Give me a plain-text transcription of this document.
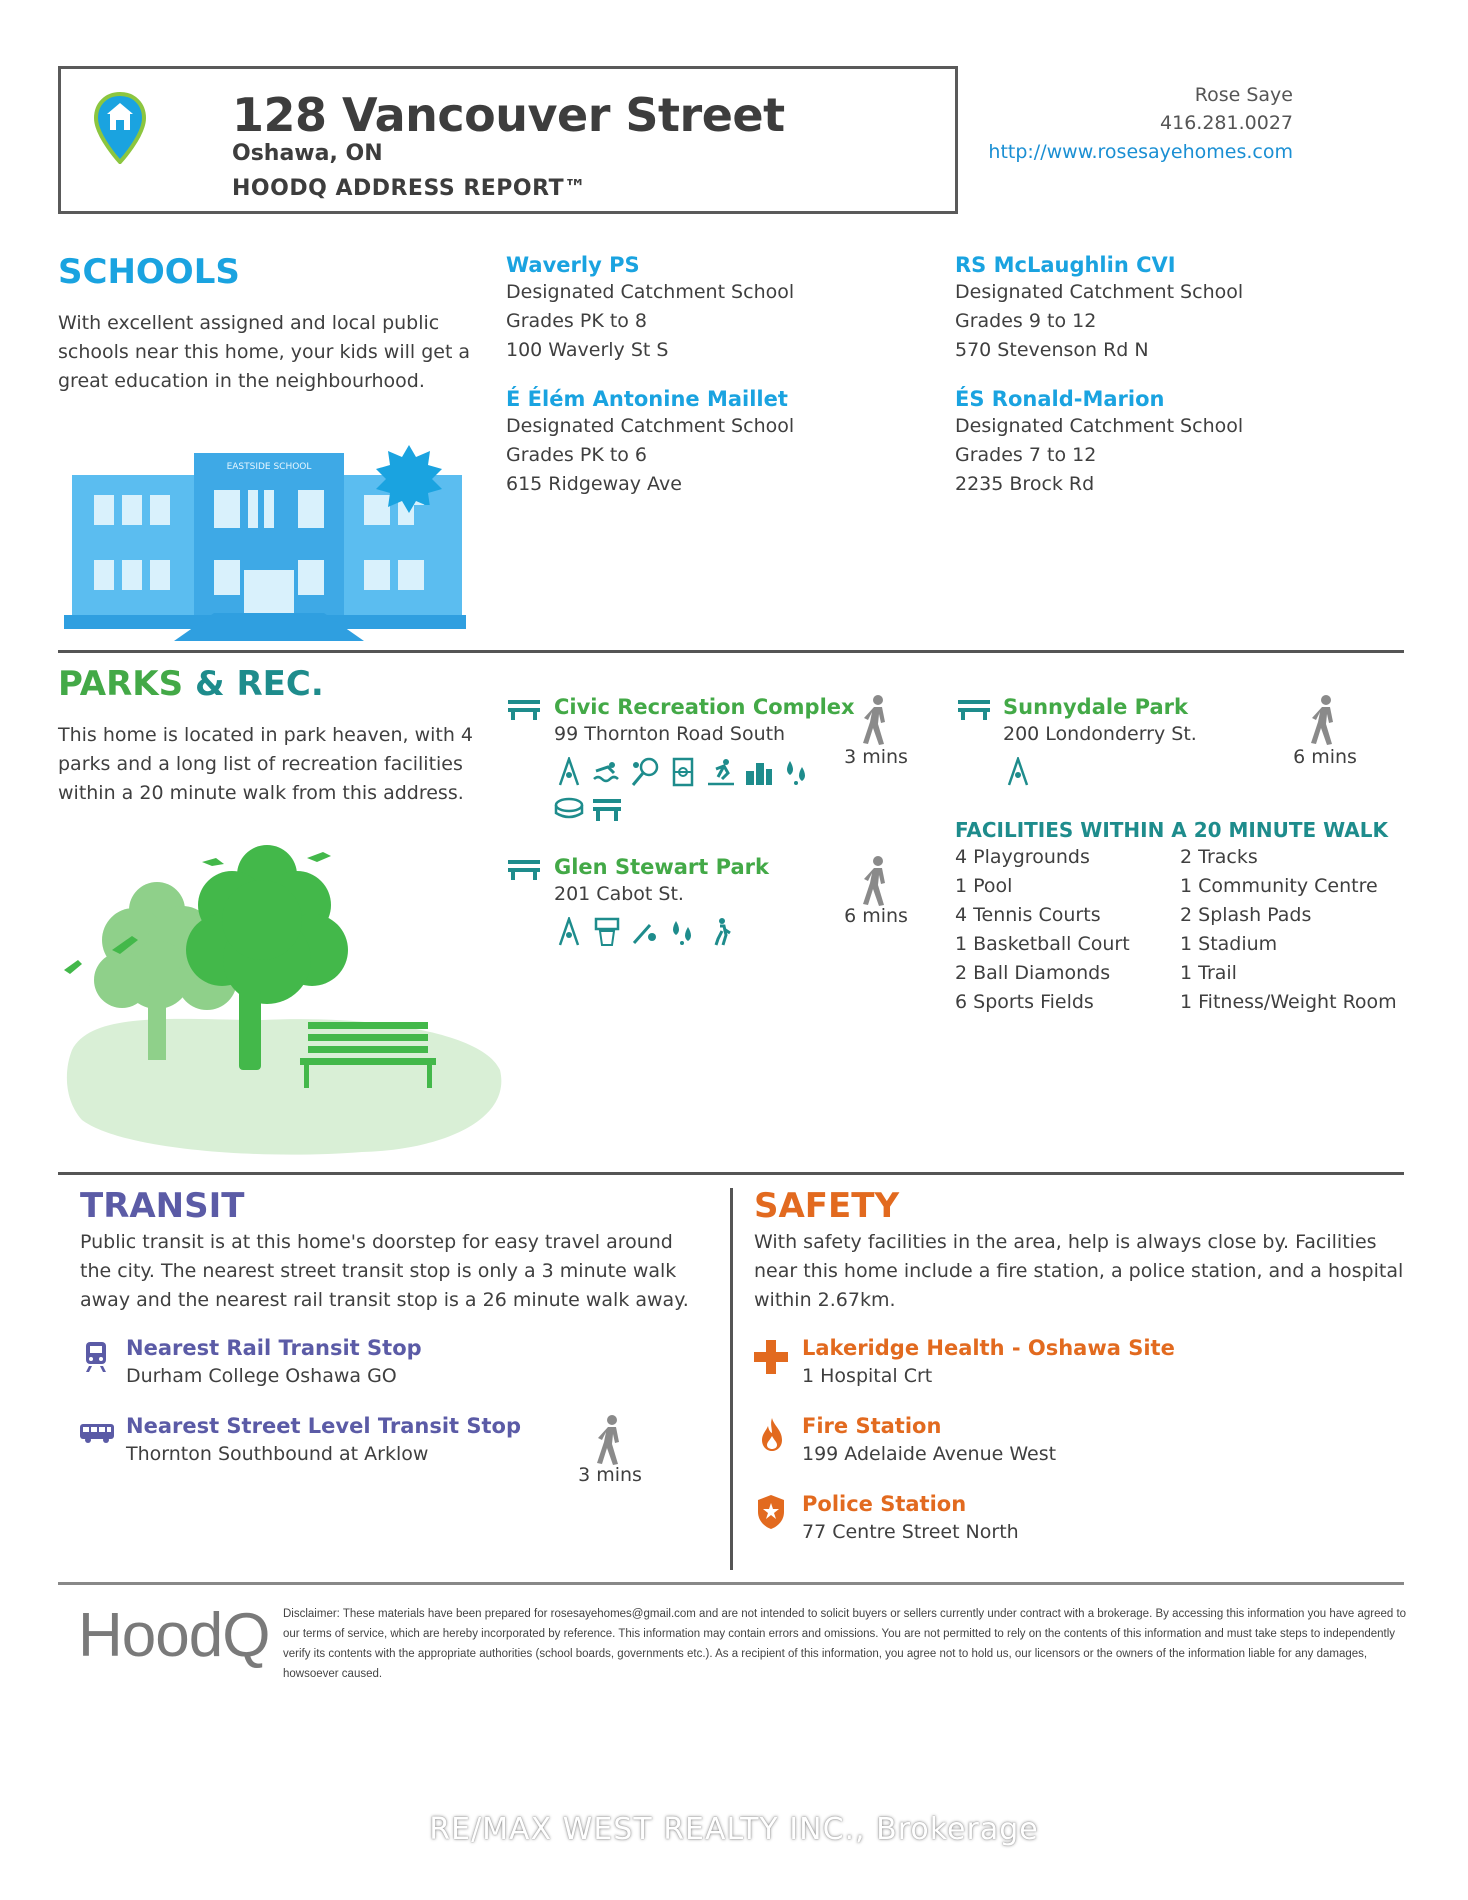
128 Vancouver Street
Oshawa, ON
HOODQ ADDRESS REPORT™
Rose Saye
416.281.0027
http://www.rosesayehomes.com
SCHOOLS
With excellent assigned and local public schools near this home, your kids will get a great education in the neighbourhood.
EASTSIDE SCHOOL
Waverly PS
Designated Catchment School
Grades PK to 8
100 Waverly St S
RS McLaughlin CVI
Designated Catchment School
Grades 9 to 12
570 Stevenson Rd N
É Élém Antonine Maillet
Designated Catchment School
Grades PK to 6
615 Ridgeway Ave
ÉS Ronald-Marion
Designated Catchment School
Grades 7 to 12
2235 Brock Rd
PARKS & REC.
This home is located in park heaven, with 4 parks and a long list of recreation facilities within a 20 minute walk from this address.
Civic Recreation Complex
99 Thornton Road South
3 mins
Sunnydale Park
200 Londonderry St.
6 mins
Glen Stewart Park
201 Cabot St.
6 mins
FACILITIES WITHIN A 20 MINUTE WALK
4 Playgrounds
1 Pool
4 Tennis Courts
1 Basketball Court
2 Ball Diamonds
6 Sports Fields
2 Tracks
1 Community Centre
2 Splash Pads
1 Stadium
1 Trail
1 Fitness/Weight Room
TRANSIT
Public transit is at this home's doorstep for easy travel around the city. The nearest street transit stop is only a 3 minute walk away and the nearest rail transit stop is a 26 minute walk away.
Nearest Rail Transit Stop
Durham College Oshawa GO
Nearest Street Level Transit Stop
Thornton Southbound at Arklow
3 mins
SAFETY
With safety facilities in the area, help is always close by. Facilities near this home include a fire station, a police station, and a hospital within 2.67km.
Lakeridge Health - Oshawa Site
1 Hospital Crt
Fire Station
199 Adelaide Avenue West
Police Station
77 Centre Street North
HoodQ Disclaimer: These materials have been prepared for rosesayehomes@gmail.com and are not intended to solicit buyers or sellers currently under contract with a brokerage. By accessing this information you have agreed to our terms of service, which are hereby incorporated by reference. This information may contain errors and omissions. You are not permitted to rely on the contents of this information and must take steps to independently verify its contents with the appropriate authorities (school boards, governments etc.). As a recipient of this information, you agree not to hold us, our licensors or the owners of the information liable for any damages, howsoever caused.
RE/MAX WEST REALTY INC., Brokerage
